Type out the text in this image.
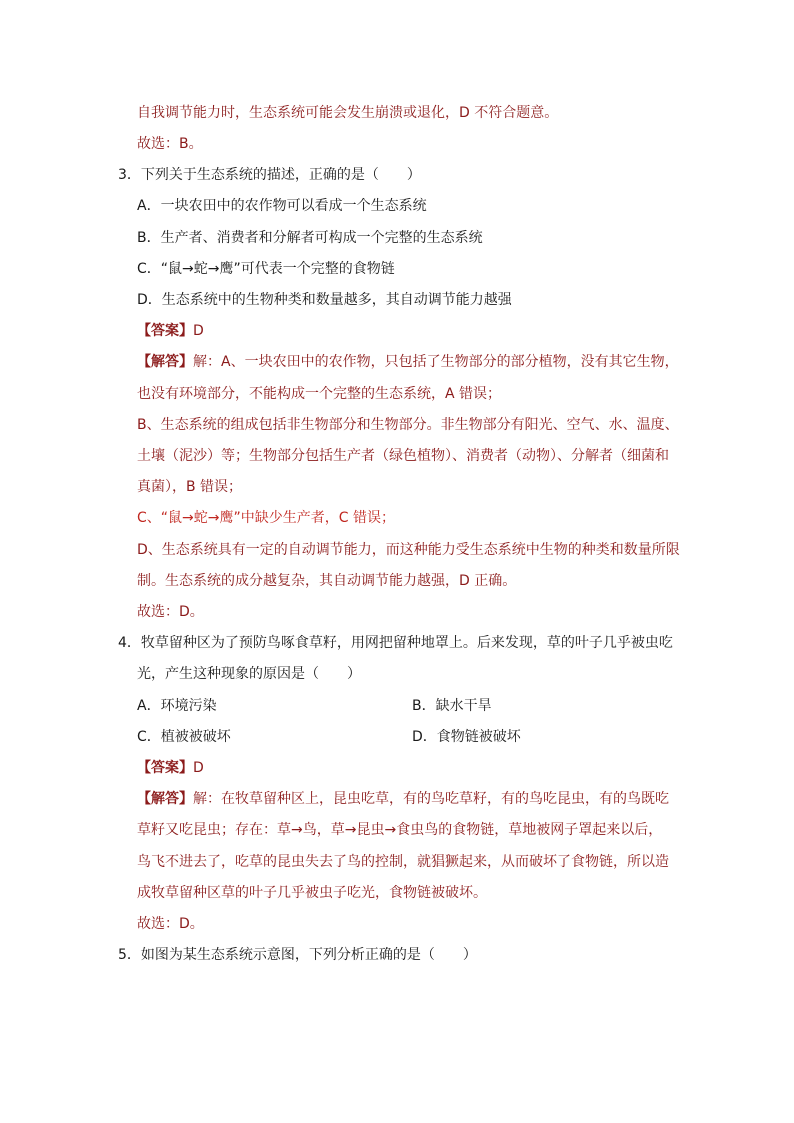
自我调节能力时，生态系统可能会发生崩溃或退化，D 不符合题意。
故选：B。
3．下列关于生态系统的描述，正确的是（　　）
A．一块农田中的农作物可以看成一个生态系统
B．生产者、消费者和分解者可构成一个完整的生态系统
C．“鼠→蛇→鹰”可代表一个完整的食物链
D．生态系统中的生物种类和数量越多，其自动调节能力越强
【答案】D
【解答】解：A、一块农田中的农作物，只包括了生物部分的部分植物，没有其它生物，
也没有环境部分，不能构成一个完整的生态系统，A 错误；
B、生态系统的组成包括非生物部分和生物部分。非生物部分有阳光、空气、水、温度、
土壤（泥沙）等；生物部分包括生产者（绿色植物）、消费者（动物）、分解者（细菌和
真菌），B 错误；
C、“鼠→蛇→鹰”中缺少生产者，C 错误；
D、生态系统具有一定的自动调节能力，而这种能力受生态系统中生物的种类和数量所限
制。生态系统的成分越复杂，其自动调节能力越强，D 正确。
故选：D。
4．牧草留种区为了预防鸟啄食草籽，用网把留种地罩上。后来发现，草的叶子几乎被虫吃
光，产生这种现象的原因是（　　）
A．环境污染	B．缺水干旱
C．植被被破坏	D．食物链被破坏
【答案】D
【解答】解：在牧草留种区上，昆虫吃草，有的鸟吃草籽，有的鸟吃昆虫，有的鸟既吃
草籽又吃昆虫；存在：草→鸟，草→昆虫→食虫鸟的食物链，草地被网子罩起来以后，
鸟飞不进去了，吃草的昆虫失去了鸟的控制，就猖獗起来，从而破坏了食物链，所以造
成牧草留种区草的叶子几乎被虫子吃光，食物链被破坏。
故选：D。
5．如图为某生态系统示意图，下列分析正确的是（　　）
